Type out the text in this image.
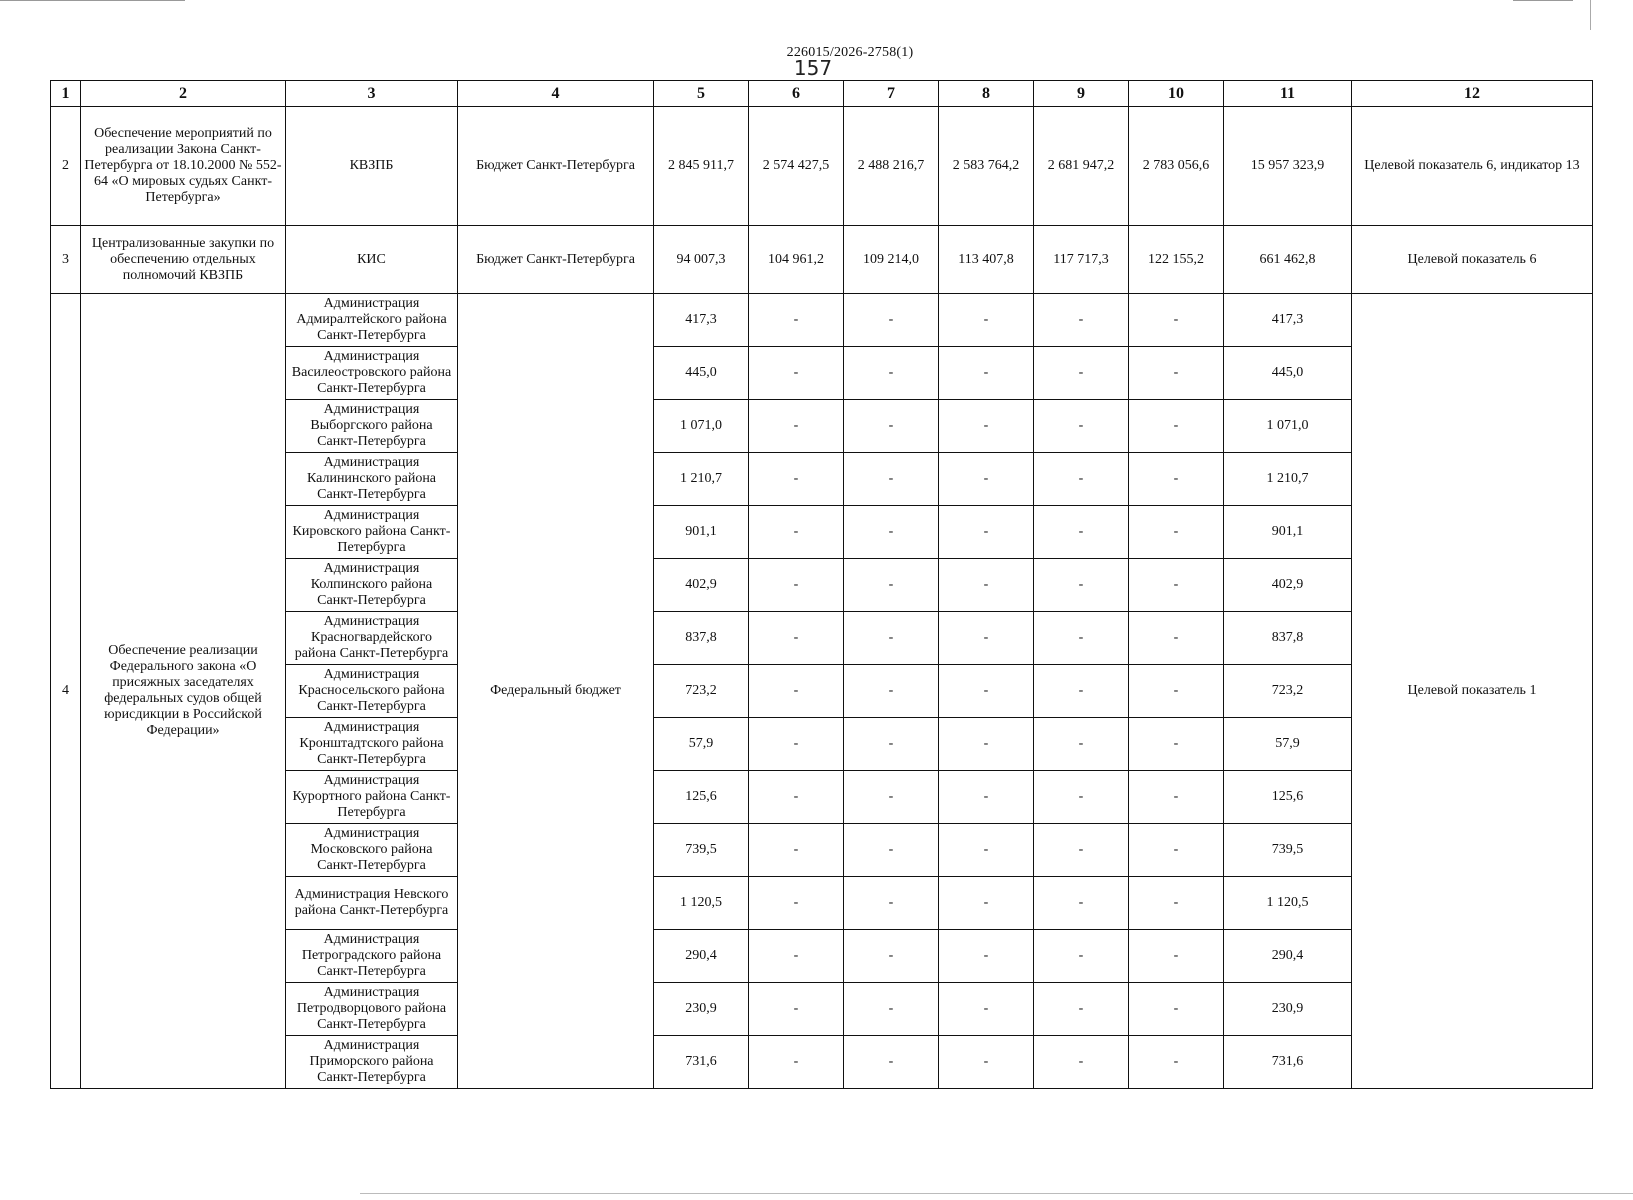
226015/2026-2758(1)
157
1	2	3	4	5	6	7	8	9	10	11	12
2	Обеспечение мероприятий по реализации Закона Санкт-Петербурга от 18.10.2000 № 552-64 «О мировых судьях Санкт-Петербурга»	КВЗПБ	Бюджет Санкт-Петербурга	2 845 911,7	2 574 427,5	2 488 216,7	2 583 764,2	2 681 947,2	2 783 056,6	15 957 323,9	Целевой показатель 6, индикатор 13
3	Централизованные закупки по обеспечению отдельных полномочий КВЗПБ	КИС	Бюджет Санкт-Петербурга	94 007,3	104 961,2	109 214,0	113 407,8	117 717,3	122 155,2	661 462,8	Целевой показатель 6
4	Обеспечение реализации Федерального закона «О присяжных заседателях федеральных судов общей юрисдикции в Российской Федерации»	Администрация Адмиралтейского района Санкт-Петербурга	Федеральный бюджет	417,3	-	-	-	-	-	417,3	Целевой показатель 1
		Администрация Василеостровского района Санкт-Петербурга		445,0	-	-	-	-	-	445,0	
		Администрация Выборгского района Санкт-Петербурга		1 071,0	-	-	-	-	-	1 071,0	
		Администрация Калининского района Санкт-Петербурга		1 210,7	-	-	-	-	-	1 210,7	
		Администрация Кировского района Санкт-Петербурга		901,1	-	-	-	-	-	901,1	
		Администрация Колпинского района Санкт-Петербурга		402,9	-	-	-	-	-	402,9	
		Администрация Красногвардейского района Санкт-Петербурга		837,8	-	-	-	-	-	837,8	
		Администрация Красносельского района Санкт-Петербурга		723,2	-	-	-	-	-	723,2	
		Администрация Кронштадтского района Санкт-Петербурга		57,9	-	-	-	-	-	57,9	
		Администрация Курортного района Санкт-Петербурга		125,6	-	-	-	-	-	125,6	
		Администрация Московского района Санкт-Петербурга		739,5	-	-	-	-	-	739,5	
		Администрация Невского района Санкт-Петербурга		1 120,5	-	-	-	-	-	1 120,5	
		Администрация Петроградского района Санкт-Петербурга		290,4	-	-	-	-	-	290,4	
		Администрация Петродворцового района Санкт-Петербурга		230,9	-	-	-	-	-	230,9	
		Администрация Приморского района Санкт-Петербурга		731,6	-	-	-	-	-	731,6	
